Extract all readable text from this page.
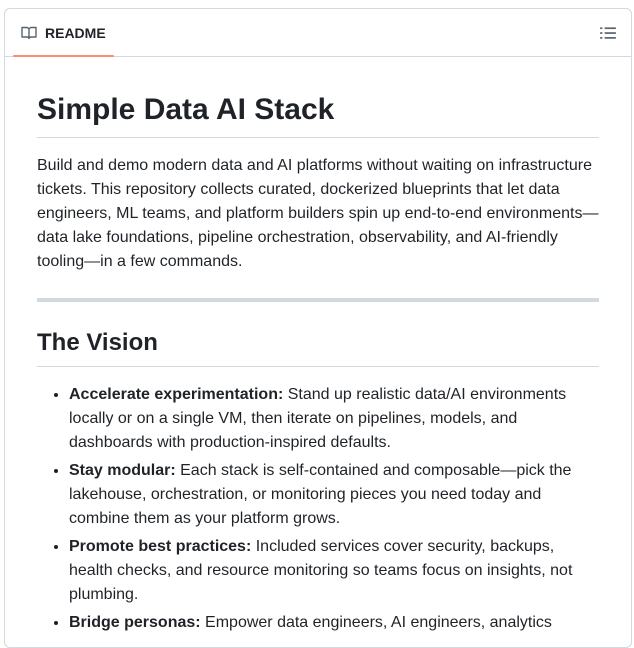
README
Simple Data AI Stack

Build and demo modern data and AI platforms without waiting on infrastructure tickets. This repository collects curated, dockerized blueprints that let data engineers, ML teams, and platform builders spin up end-to-end environments—data lake foundations, pipeline orchestration, observability, and AI-friendly tooling—in a few commands.

The Vision
• Accelerate experimentation: Stand up realistic data/AI environments locally or on a single VM, then iterate on pipelines, models, and dashboards with production-inspired defaults.
• Stay modular: Each stack is self-contained and composable—pick the lakehouse, orchestration, or monitoring pieces you need today and combine them as your platform grows.
• Promote best practices: Included services cover security, backups, health checks, and resource monitoring so teams focus on insights, not plumbing.
• Bridge personas: Empower data engineers, AI engineers, analytics
